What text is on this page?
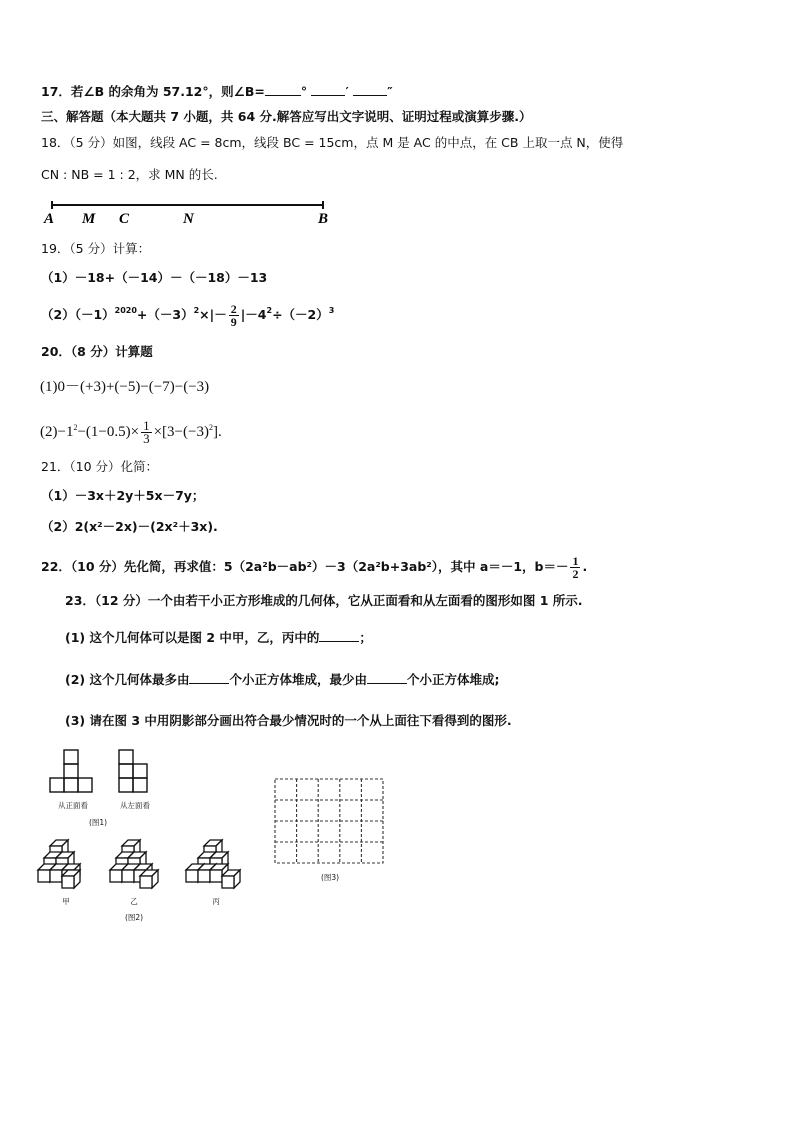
17．若∠B 的余角为 57.12°，则∠B=	°	′	″
三、解答题（本大题共 7 小题，共 64 分.解答应写出文字说明、证明过程或演算步骤.）
18．（5 分）如图，线段 AC = 8cm，线段 BC = 15cm，点 M 是 AC 的中点，在 CB 上取一点 N，使得
CN : NB = 1 : 2，求 MN 的长.
A M C	N	B
19．（5 分）计算：
（1）－18+（－14）－（－18）－13
$(2)(-1)^{2020}+(-3)^2\times|- \frac{2}{9} |-4^2\div(-2)^3$
20．（8 分）计算题
(1)0－(+3)+(−5)−(−7)−(−3)
$(2)-1^2-(1-0.5)\times \frac{1}{3} \times[3-(-3)^2]$.
21．（10 分）化简：
（1）－3x＋2y＋5x－7y；
（2）2(x²－2x)－(2x²＋3x).
22．（10 分）先化简，再求值：5（2a²b－ab²）－3（2a²b+3ab²），其中 a＝－1，$b=- \frac{1}{2}$ .
23．（12 分）一个由若干小正方形堆成的几何体，它从正面看和从左面看的图形如图 1 所示.
(1) 这个几何体可以是图 2 中甲，乙，丙中的	；
(2) 这个几何体最多由	个小正方体堆成，最少由	个小正方体堆成;
(3) 请在图 3 中用阴影部分画出符合最少情况时的一个从上面往下看得到的图形.
从正面看	从左面看
(图1)
甲	乙	丙
(图2)
(图3)
